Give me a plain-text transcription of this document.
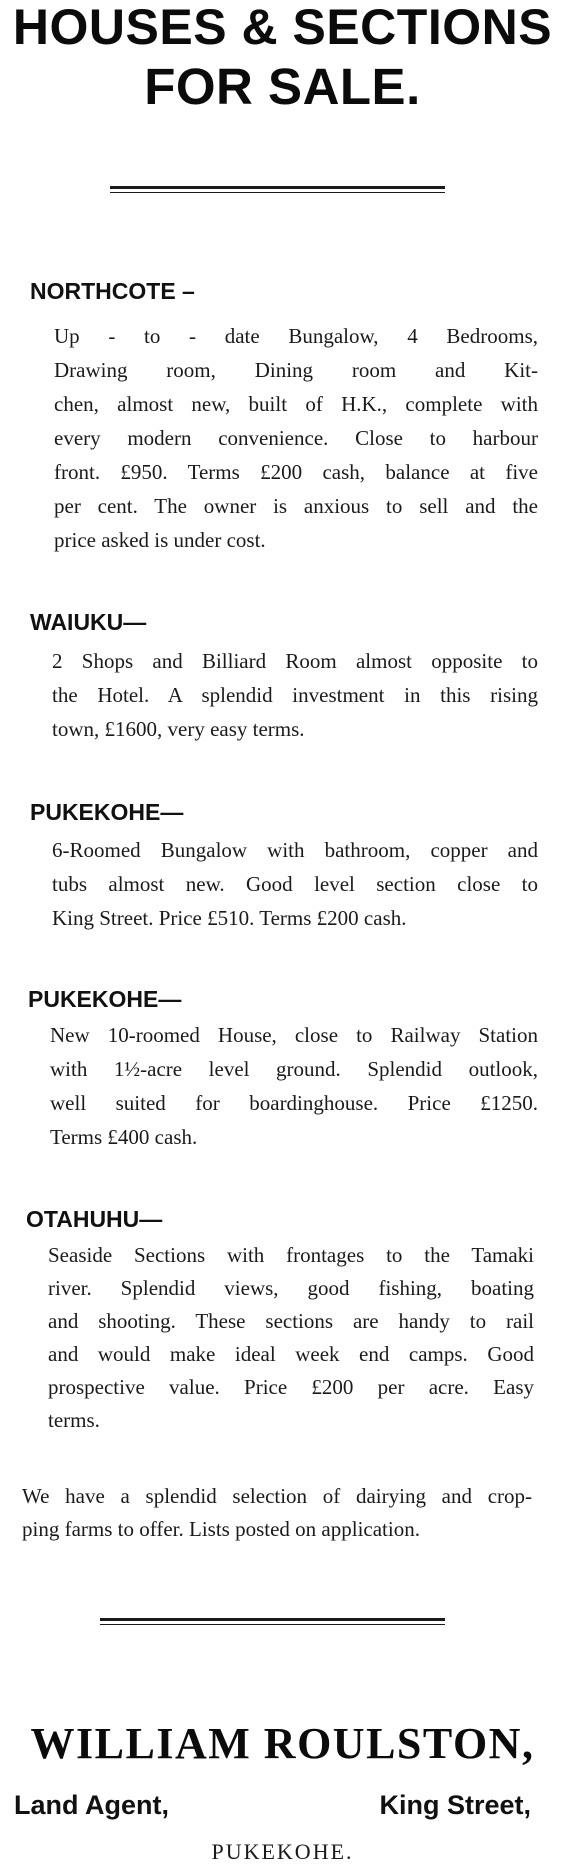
HOUSES & SECTIONS
FOR SALE.
NORTHCOTE –
Up - to - date Bungalow, 4 Bedrooms,
Drawing room, Dining room and Kit-
chen, almost new, built of H.K., complete with
every modern convenience. Close to harbour
front. £950. Terms £200 cash, balance at five
per cent. The owner is anxious to sell and the
price asked is under cost.
WAIUKU—
2 Shops and Billiard Room almost opposite to
the Hotel. A splendid investment in this rising
town, £1600, very easy terms.
PUKEKOHE—
6-Roomed Bungalow with bathroom, copper and
tubs almost new. Good level section close to
King Street. Price £510. Terms £200 cash.
PUKEKOHE—
New 10-roomed House, close to Railway Station
with 1½-acre level ground. Splendid outlook,
well suited for boardinghouse. Price £1250.
Terms £400 cash.
OTAHUHU—
Seaside Sections with frontages to the Tamaki
river. Splendid views, good fishing, boating
and shooting. These sections are handy to rail
and would make ideal week end camps. Good
prospective value. Price £200 per acre. Easy
terms.
We have a splendid selection of dairying and crop-
ping farms to offer. Lists posted on application.
WILLIAM ROULSTON,
Land Agent,	King Street,
PUKEKOHE.
